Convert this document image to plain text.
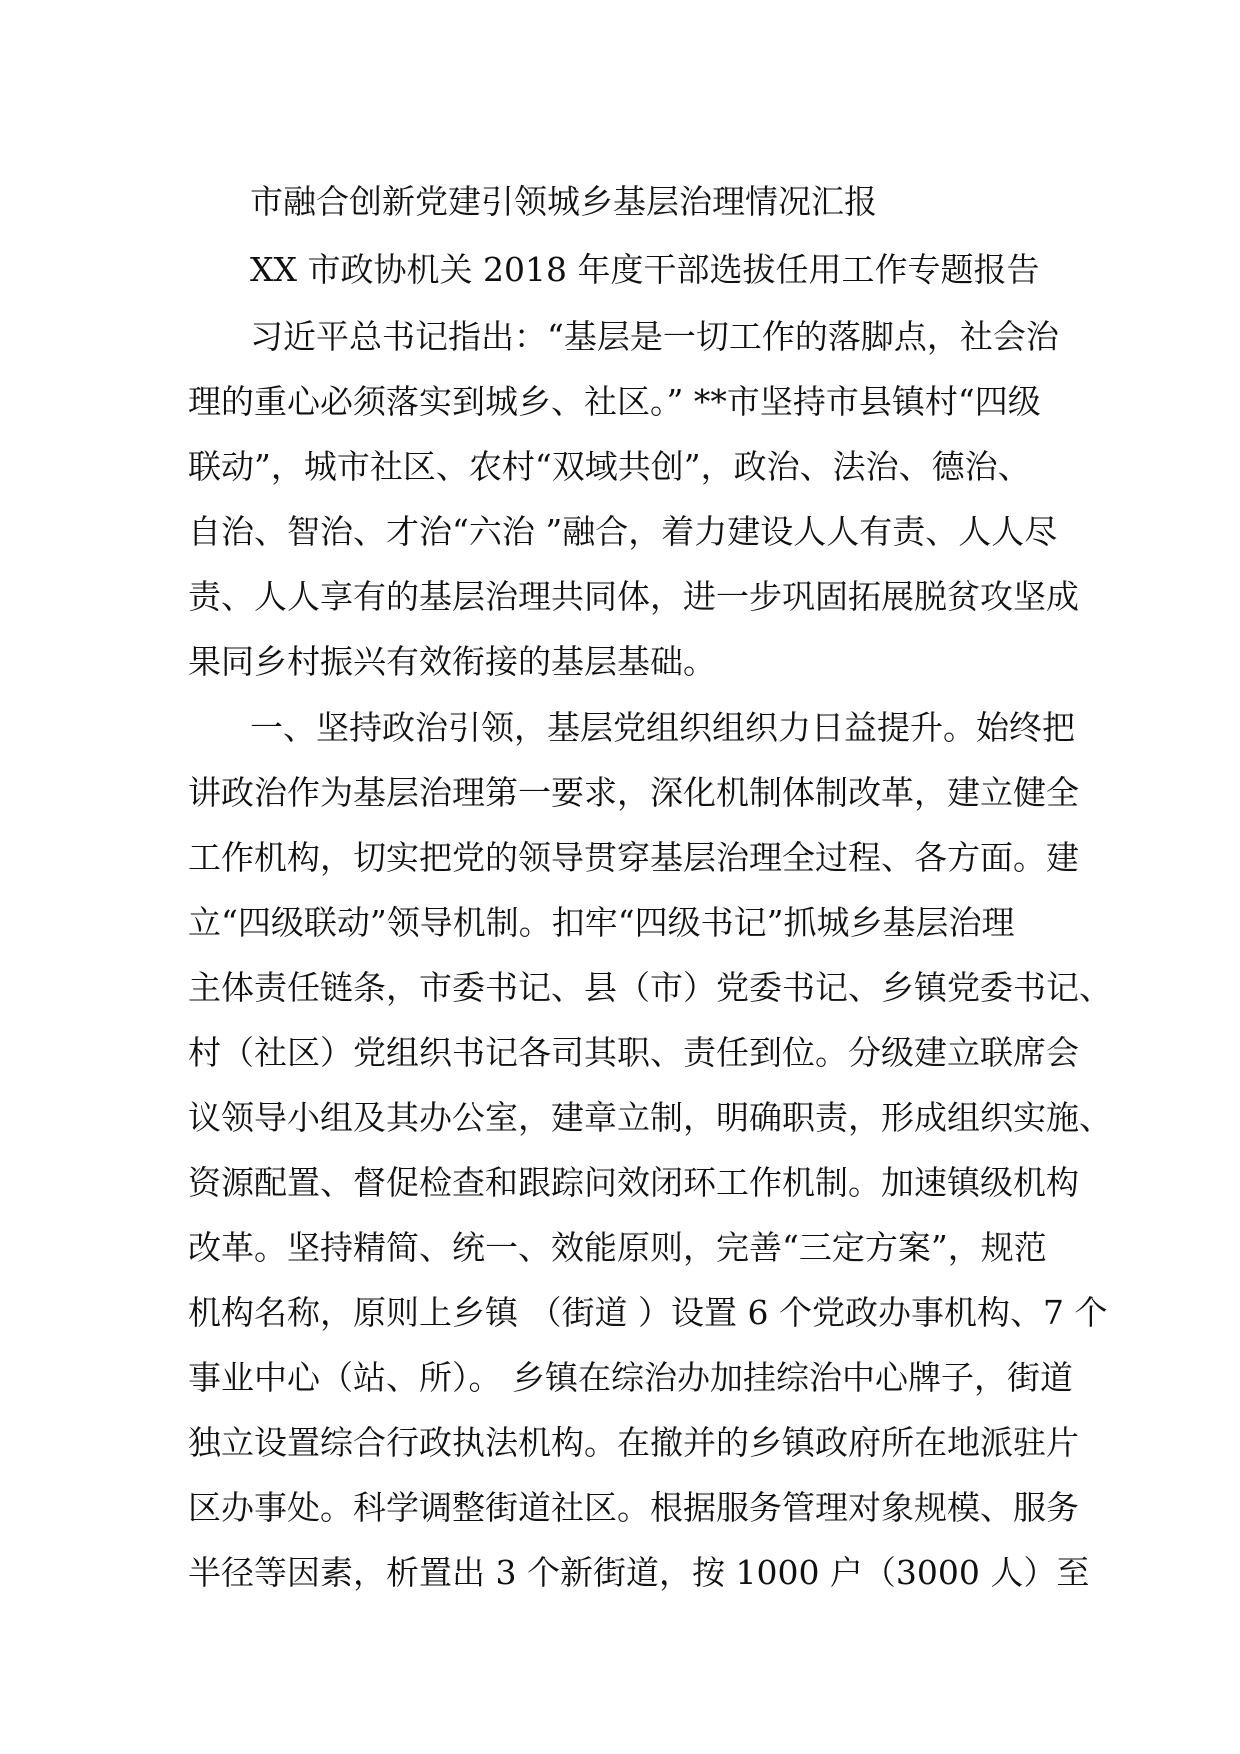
市融合创新党建引领城乡基层治理情况汇报

XX 市政协机关 2018 年度干部选拔任用工作专题报告

习近平总书记指出：“基层是一切工作的落脚点，社会治

理的重心必须落实到城乡、社区。” **市坚持市县镇村“四级

联动”，城市社区、农村“双域共创”，政治、法治、德治、

自治、智治、才治“六治 ”融合，着力建设人人有责、人人尽

责、人人享有的基层治理共同体，进一步巩固拓展脱贫攻坚成

果同乡村振兴有效衔接的基层基础。

一、坚持政治引领，基层党组织组织力日益提升。始终把

讲政治作为基层治理第一要求，深化机制体制改革，建立健全

工作机构，切实把党的领导贯穿基层治理全过程、各方面。建

立“四级联动”领导机制。扣牢“四级书记”抓城乡基层治理

主体责任链条，市委书记、县（市）党委书记、乡镇党委书记、

村（社区）党组织书记各司其职、责任到位。分级建立联席会

议领导小组及其办公室，建章立制，明确职责，形成组织实施、

资源配置、督促检查和跟踪问效闭环工作机制。加速镇级机构

改革。坚持精简、统一、效能原则，完善“三定方案”，规范

机构名称，原则上乡镇 （街道 ）设置 6 个党政办事机构、7 个

事业中心（站、所）。 乡镇在综治办加挂综治中心牌子，街道

独立设置综合行政执法机构。在撤并的乡镇政府所在地派驻片

区办事处。科学调整街道社区。根据服务管理对象规模、服务

半径等因素，析置出 3 个新街道，按 1000 户（3000 人）至
